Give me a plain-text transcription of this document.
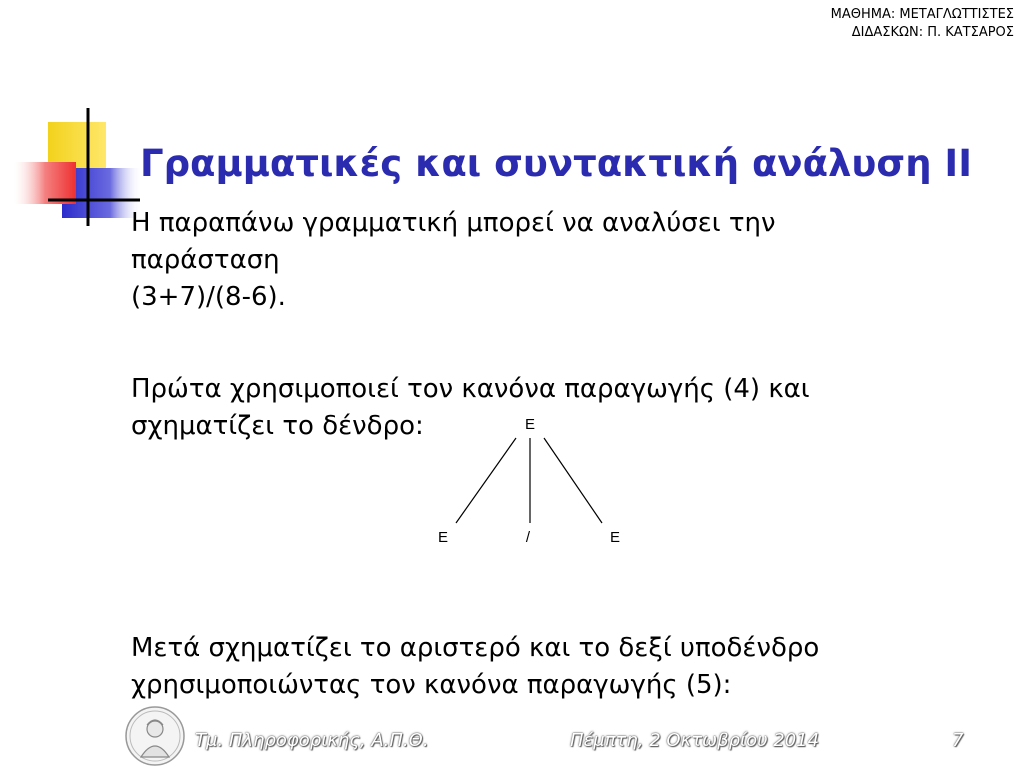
ΜΑΘΗΜΑ: ΜΕΤΑΓΛΩΤΤΙΣΤΕΣ
ΔΙΔΑΣΚΩΝ: Π. ΚΑΤΣΑΡΟΣ
Γραμματικές και συντακτική ανάλυση ΙΙ

Η παραπάνω γραμματική μπορεί να αναλύσει την

παράσταση

(3+7)/(8-6).

Πρώτα χρησιμοποιεί τον κανόνα παραγωγής (4) και

σχηματίζει το δένδρο:

Μετά σχηματίζει το αριστερό και το δεξί υποδένδρο

χρησιμοποιώντας τον κανόνα παραγωγής (5):

E
E	/	E
Τμ. Πληροφορικής, Α.Π.Θ.	Πέμπτη, 2 Οκτωβρίου 2014	7
